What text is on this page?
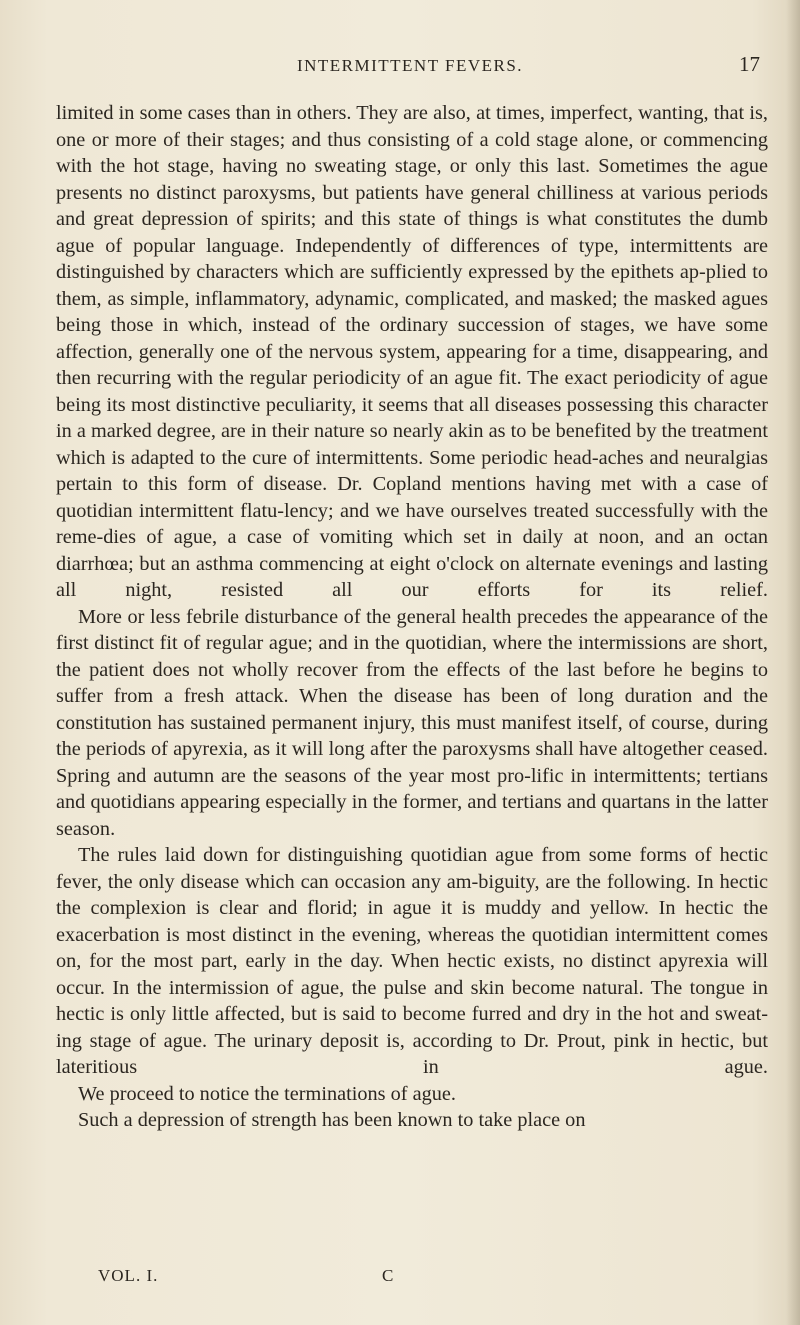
INTERMITTENT FEVERS.	17

limited in some cases than in others. They are also, at times, imperfect, wanting, that is, one or more of their stages; and thus consisting of a cold stage alone, or commencing with the hot stage, having no sweating stage, or only this last. Sometimes the ague presents no distinct paroxysms, but patients have general chilliness at various periods and great depression of spirits; and this state of things is what constitutes the dumb ague of popular language. Independently of differences of type, intermittents are distinguished by characters which are sufficiently expressed by the epithets ap-plied to them, as simple, inflammatory, adynamic, complicated, and masked; the masked agues being those in which, instead of the ordinary succession of stages, we have some affection, generally one of the nervous system, appearing for a time, disappearing, and then recurring with the regular periodicity of an ague fit. The exact periodicity of ague being its most distinctive peculiarity, it seems that all diseases possessing this character in a marked degree, are in their nature so nearly akin as to be benefited by the treatment which is adapted to the cure of intermittents. Some periodic head-aches and neuralgias pertain to this form of disease. Dr. Copland mentions having met with a case of quotidian intermittent flatu-lency; and we have ourselves treated successfully with the reme-dies of ague, a case of vomiting which set in daily at noon, and an octan diarrhœa; but an asthma commencing at eight o'clock on alternate evenings and lasting all night, resisted all our efforts for its relief.

More or less febrile disturbance of the general health precedes the appearance of the first distinct fit of regular ague; and in the quotidian, where the intermissions are short, the patient does not wholly recover from the effects of the last before he begins to suffer from a fresh attack. When the disease has been of long duration and the constitution has sustained permanent injury, this must manifest itself, of course, during the periods of apyrexia, as it will long after the paroxysms shall have altogether ceased. Spring and autumn are the seasons of the year most pro-lific in intermittents; tertians and quotidians appearing especially in the former, and tertians and quartans in the latter season.

The rules laid down for distinguishing quotidian ague from some forms of hectic fever, the only disease which can occasion any am-biguity, are the following. In hectic the complexion is clear and florid; in ague it is muddy and yellow. In hectic the exacerbation is most distinct in the evening, whereas the quotidian intermittent comes on, for the most part, early in the day. When hectic exists, no distinct apyrexia will occur. In the intermission of ague, the pulse and skin become natural. The tongue in hectic is only little affected, but is said to become furred and dry in the hot and sweat-ing stage of ague. The urinary deposit is, according to Dr. Prout, pink in hectic, but lateritious in ague.

We proceed to notice the terminations of ague.

Such a depression of strength has been known to take place on

VOL. I.	C
